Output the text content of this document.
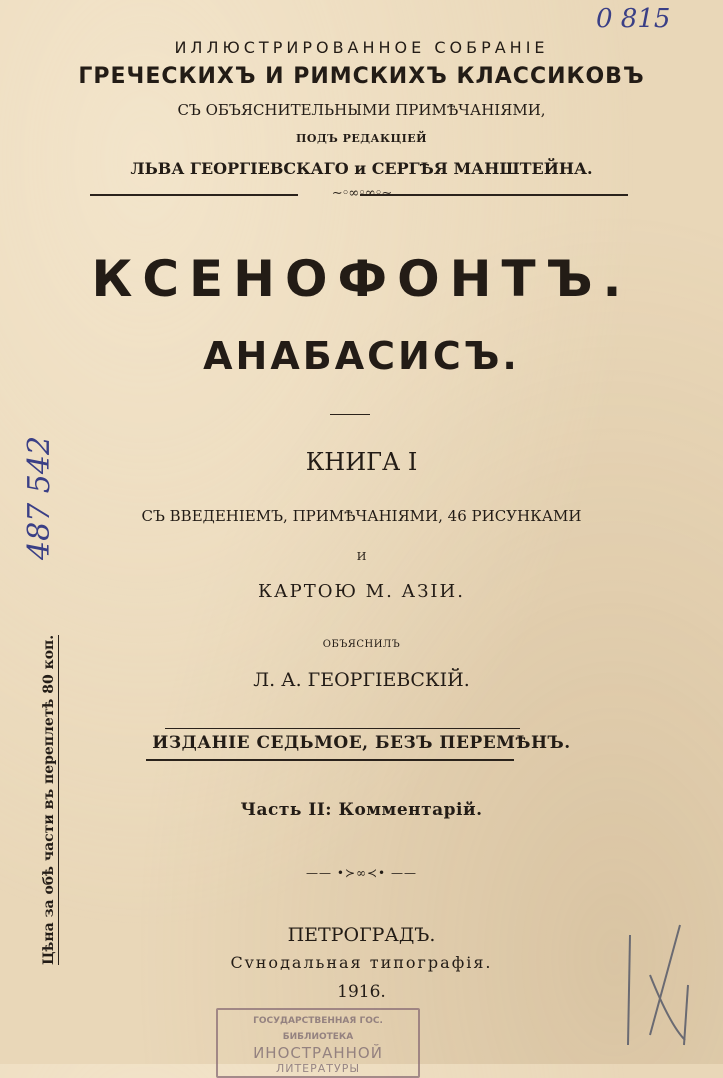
0 815
487 542
ИЛЛЮСТРИРОВАННОЕ СОБРАНІЕ
ГРЕЧЕСКИХЪ И РИМСКИХЪ КЛАССИКОВЪ
СЪ ОБЪЯСНИТЕЛЬНЫМИ ПРИМѢЧАНІЯМИ,
ПОДЪ РЕДАКЦІЕЙ
ЛЬВА ГЕОРГІЕВСКАГО и СЕРГѢЯ МАНШТЕЙНА.
∼◦∞◦∞◦∼
КСЕНОФОНТЪ.
АНАБАСИСЪ.
КНИГА I
СЪ ВВЕДЕНІЕМЪ, ПРИМѢЧАНІЯМИ, 46 РИСУНКАМИ
И
КАРТОЮ М. АЗІИ.
ОБЪЯСНИЛЪ
Л. А. ГЕОРГІЕВСКІЙ.
ИЗДАНІЕ СЕДЬМОЕ, БЕЗЪ ПЕРЕМѢНЪ.
Часть II: Комментарій.
—— •≻∞≺• ——
ПЕТРОГРАДЪ.
Сvнодальная типографія.
1916.
Цѣна за обѣ части въ переплетѣ 80 коп.
ГОСУДАРСТВЕННАЯ ГОС. БИБЛИОТЕКА
ИНОСТРАННОЙ
ЛИТЕРАТУРЫ
